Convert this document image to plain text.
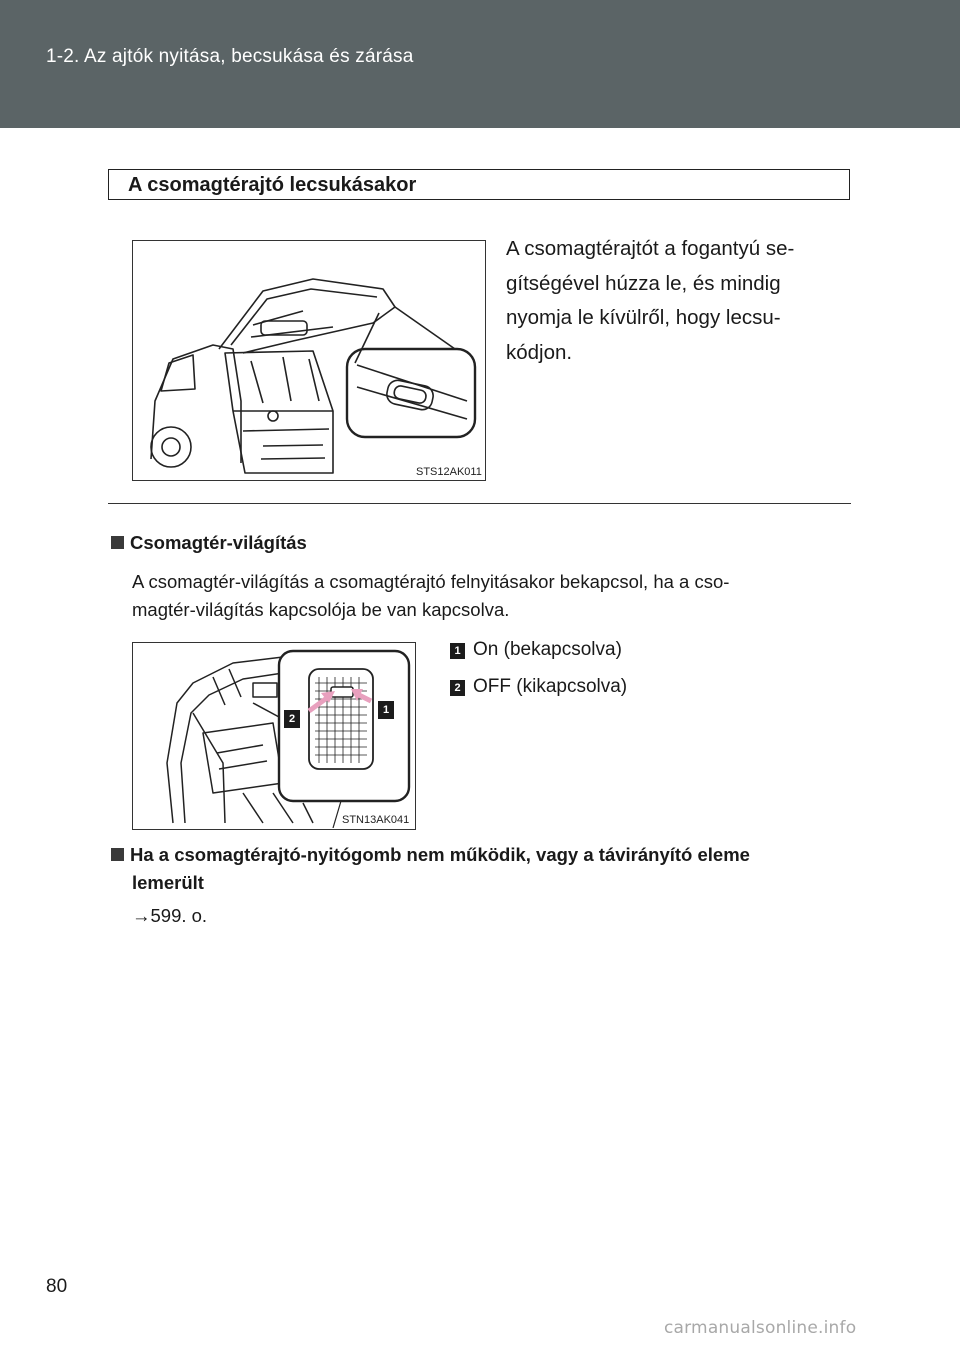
1-2. Az ajtók nyitása, becsukása és zárása
A csomagtérajtó lecsukásakor
STS12AK011
A csomagtérajtót a fogantyú se-
gítségével húzza le, és mindig
nyomja le kívülről, hogy lecsu-
kódjon.
Csomagtér-világítás
A csomagtér-világítás a csomagtérajtó felnyitásakor bekapcsol, ha a cso-
magtér-világítás kapcsolója be van kapcsolva.
2
1
STN13AK041
1 On (bekapcsolva)
2 OFF (kikapcsolva)
Ha a csomagtérajtó-nyitógomb nem működik, vagy a távirányító eleme
lemerült
→599. o.
80
carmanualsonline.info
